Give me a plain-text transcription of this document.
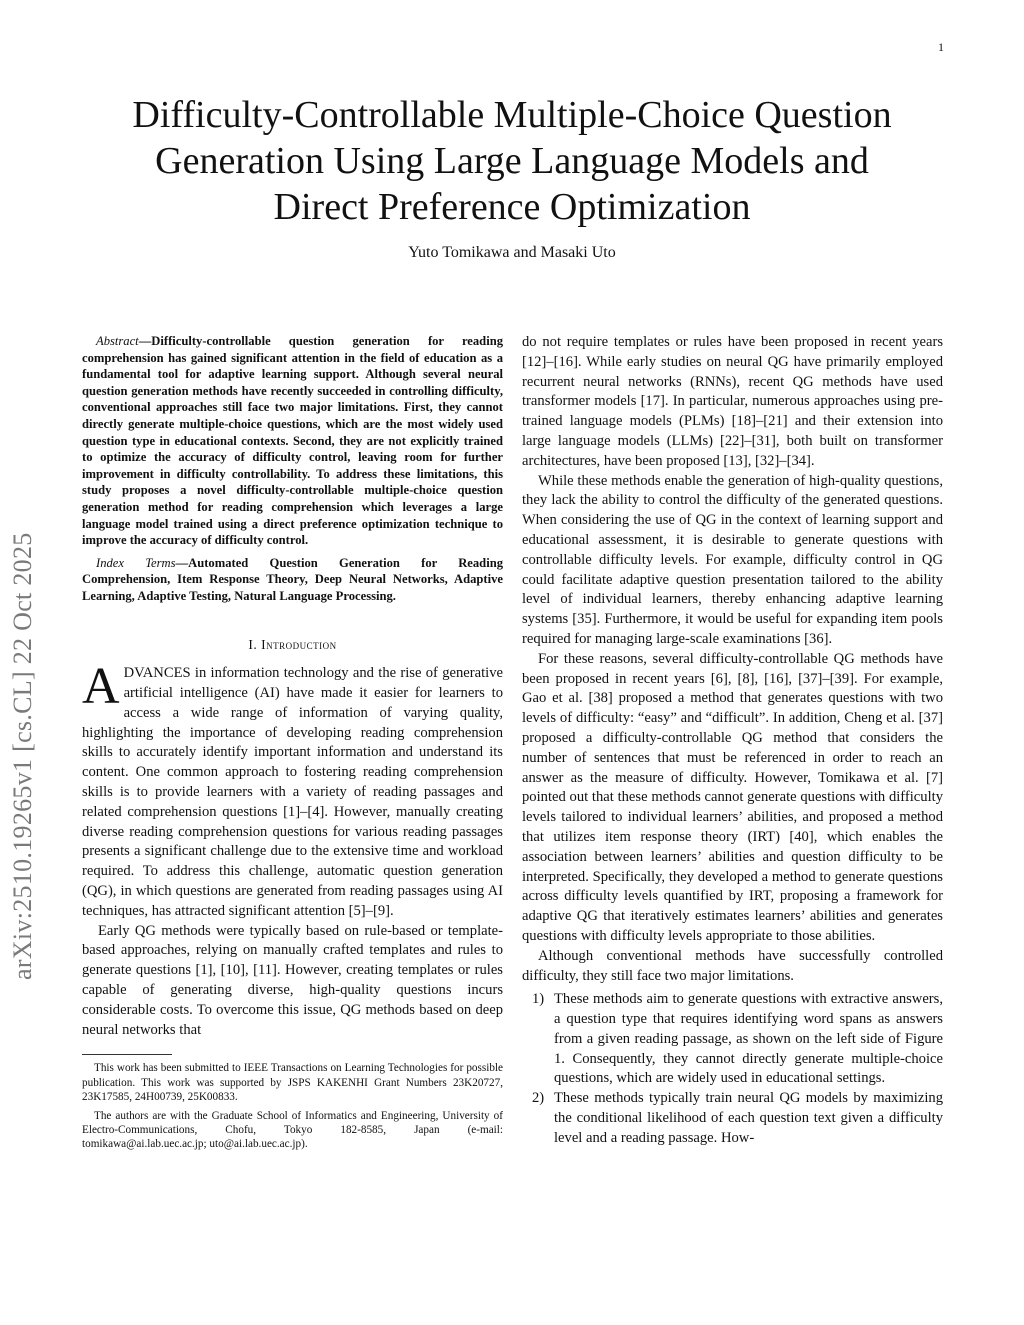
1
arXiv:2510.19265v1 [cs.CL] 22 Oct 2025
Difficulty-Controllable Multiple-Choice Question
Generation Using Large Language Models and
Direct Preference Optimization
Yuto Tomikawa and Masaki Uto

Abstract—Difficulty-controllable question generation for reading comprehension has gained significant attention in the field of education as a fundamental tool for adaptive learning support. Although several neural question generation methods have recently succeeded in controlling difficulty, conventional approaches still face two major limitations. First, they cannot directly generate multiple-choice questions, which are the most widely used question type in educational contexts. Second, they are not explicitly trained to optimize the accuracy of difficulty control, leaving room for further improvement in difficulty controllability. To address these limitations, this study proposes a novel difficulty-controllable multiple-choice question generation method for reading comprehension which leverages a large language model trained using a direct preference optimization technique to improve the accuracy of difficulty control.

Index Terms—Automated Question Generation for Reading Comprehension, Item Response Theory, Deep Neural Networks, Adaptive Learning, Adaptive Testing, Natural Language Processing.

I. Introduction

ADVANCES in information technology and the rise of generative artificial intelligence (AI) have made it easier for learners to access a wide range of information of varying quality, highlighting the importance of developing reading comprehension skills to accurately identify important information and understand its content. One common approach to fostering reading comprehension skills is to provide learners with a variety of reading passages and related comprehension questions [1]–[4]. However, manually creating diverse reading comprehension questions for various reading passages presents a significant challenge due to the extensive time and workload required. To address this challenge, automatic question generation (QG), in which questions are generated from reading passages using AI techniques, has attracted significant attention [5]–[9].

Early QG methods were typically based on rule-based or template-based approaches, relying on manually crafted templates and rules to generate questions [1], [10], [11]. However, creating templates or rules capable of generating diverse, high-quality questions incurs considerable costs. To overcome this issue, QG methods based on deep neural networks that

This work has been submitted to IEEE Transactions on Learning Technologies for possible publication. This work was supported by JSPS KAKENHI Grant Numbers 23K20727, 23K17585, 24H00739, 25K00833.

The authors are with the Graduate School of Informatics and Engineering, University of Electro-Communications, Chofu, Tokyo 182-8585, Japan (e-mail: tomikawa@ai.lab.uec.ac.jp; uto@ai.lab.uec.ac.jp).

do not require templates or rules have been proposed in recent years [12]–[16]. While early studies on neural QG have primarily employed recurrent neural networks (RNNs), recent QG methods have used transformer models [17]. In particular, numerous approaches using pre-trained language models (PLMs) [18]–[21] and their extension into large language models (LLMs) [22]–[31], both built on transformer architectures, have been proposed [13], [32]–[34].

While these methods enable the generation of high-quality questions, they lack the ability to control the difficulty of the generated questions. When considering the use of QG in the context of learning support and educational assessment, it is desirable to generate questions with controllable difficulty levels. For example, difficulty control in QG could facilitate adaptive question presentation tailored to the ability level of individual learners, thereby enhancing adaptive learning systems [35]. Furthermore, it would be useful for expanding item pools required for managing large-scale examinations [36].

For these reasons, several difficulty-controllable QG methods have been proposed in recent years [6], [8], [16], [37]–[39]. For example, Gao et al. [38] proposed a method that generates questions with two levels of difficulty: “easy” and “difficult”. In addition, Cheng et al. [37] proposed a difficulty-controllable QG method that considers the number of sentences that must be referenced in order to reach an answer as the measure of difficulty. However, Tomikawa et al. [7] pointed out that these methods cannot generate questions with difficulty levels tailored to individual learners’ abilities, and proposed a method that utilizes item response theory (IRT) [40], which enables the association between learners’ abilities and question difficulty to be interpreted. Specifically, they developed a method to generate questions across difficulty levels quantified by IRT, proposing a framework for adaptive QG that iteratively estimates learners’ abilities and generates questions with difficulty levels appropriate to those abilities.

Although conventional methods have successfully controlled difficulty, they still face two major limitations.

1) These methods aim to generate questions with extractive answers, a question type that requires identifying word spans as answers from a given reading passage, as shown on the left side of Figure 1. Consequently, they cannot directly generate multiple-choice questions, which are widely used in educational settings.
2) These methods typically train neural QG models by maximizing the conditional likelihood of each question text given a difficulty level and a reading passage. How-
